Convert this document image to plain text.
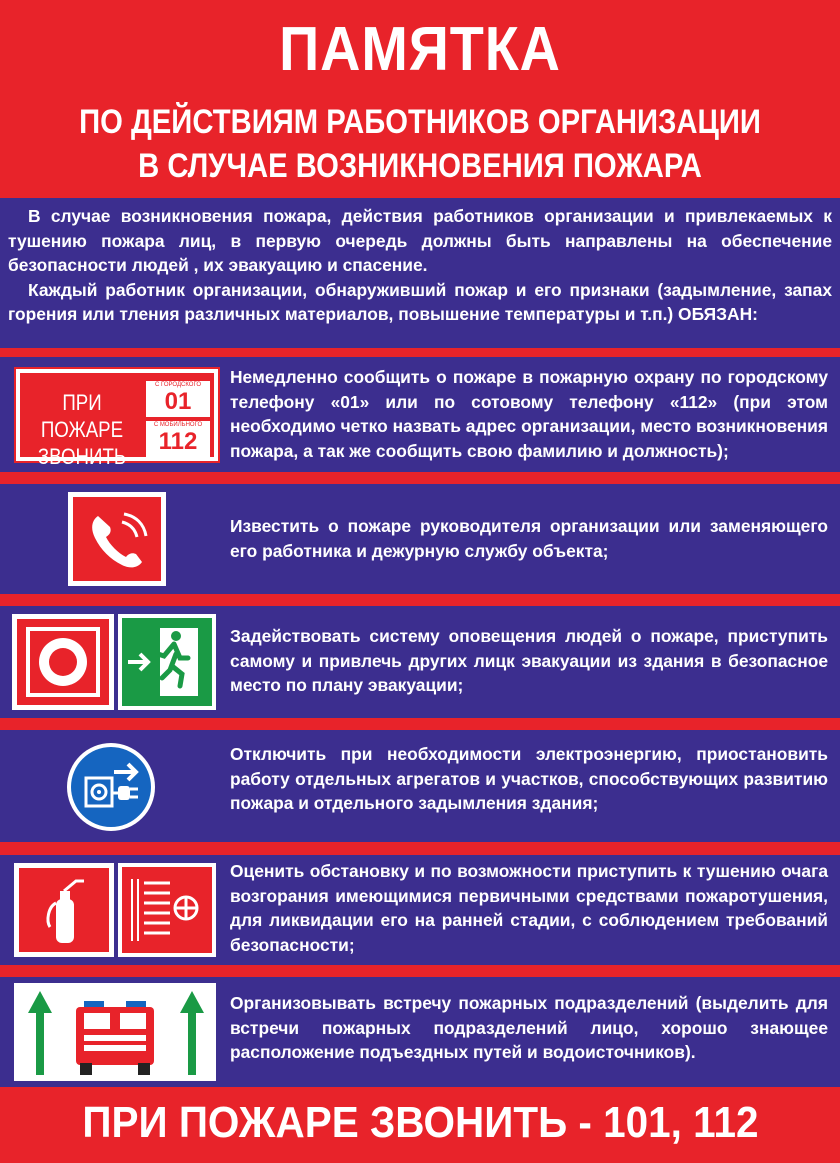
ПАМЯТКА
ПО ДЕЙСТВИЯМ РАБОТНИКОВ ОРГАНИЗАЦИИ
В СЛУЧАЕ ВОЗНИКНОВЕНИЯ ПОЖАРА

В случае возникновения пожара, действия работников организации и привлекаемых к тушению пожара лиц, в первую очередь должны быть направлены на обеспечение безопасности людей , их эвакуацию и спасение.

Каждый работник организации, обнаруживший пожар и его признаки (задымление, запах горения или тления различных материалов, повышение температуры и т.п.) ОБЯЗАН:

ПРИ ПОЖАРЕ
ЗВОНИТЬ
С ГОРОДСКОГО
01
С МОБИЛЬНОГО
112
Немедленно сообщить о пожаре в пожарную охрану по городскому телефону «01» или по сотовому телефону «112» (при этом необходимо четко назвать адрес организации, место возникновения пожара, а так же сообщить свою фамилию и должность);
Известить о пожаре руководителя организации или заменяющего его работника и дежурную службу объекта;
Задействовать систему оповещения людей о пожаре, приступить самому и привлечь других лицк эвакуации из здания в безопасное место по плану эвакуации;
Отключить при необходимости электроэнергию, приостановить работу отдельных агрегатов и участков, способствующих развитию пожара и отдельного задымления здания;
Оценить обстановку и по возможности приступить к тушению очага возгорания имеющимися первичными средствами пожаротушения, для ликвидации его на ранней стадии, с соблюдением требований безопасности;
Организовывать встречу пожарных подразделений (выделить для встречи пожарных подразделений лицо, хорошо знающее расположение подъездных путей и водоисточников).
ПРИ ПОЖАРЕ ЗВОНИТЬ - 101, 112
